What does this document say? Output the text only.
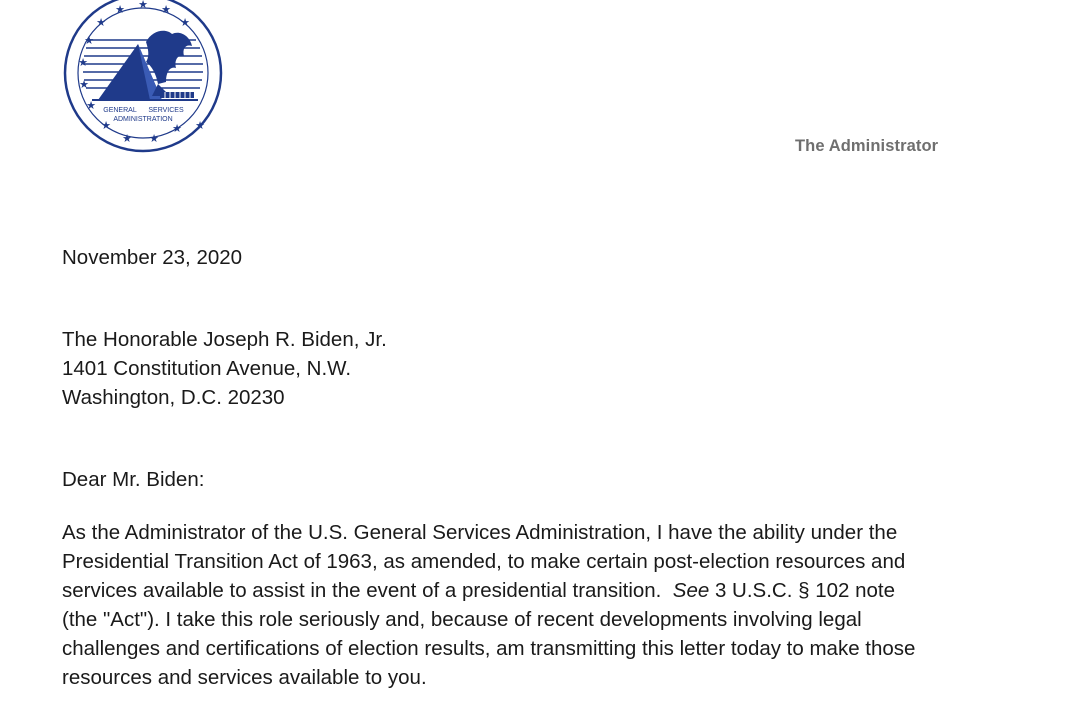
★ ★
★
★
★
★
★
★
★
★
★ ★
★ ★
GENERAL SERVICES
ADMINISTRATION
The Administrator
November 23, 2020
The Honorable Joseph R. Biden, Jr.
1401 Constitution Avenue, N.W.
Washington, D.C. 20230
Dear Mr. Biden:
As the Administrator of the U.S. General Services Administration, I have the ability under the
Presidential Transition Act of 1963, as amended, to make certain post-election resources and
services available to assist in the event of a presidential transition.  See 3 U.S.C. § 102 note
(the "Act"). I take this role seriously and, because of recent developments involving legal
challenges and certifications of election results, am transmitting this letter today to make those
resources and services available to you.
